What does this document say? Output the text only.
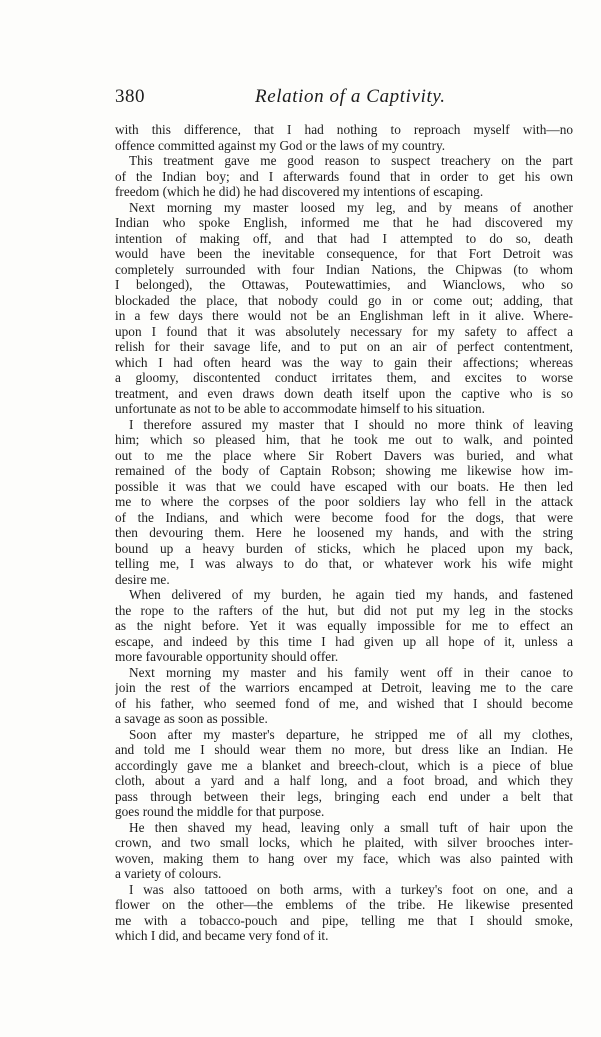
380	Relation of a Captivity.
with this difference, that I had nothing to reproach myself with—no
offence committed against my God or the laws of my country.
This treatment gave me good reason to suspect treachery on the part
of the Indian boy; and I afterwards found that in order to get his own
freedom (which he did) he had discovered my intentions of escaping.
Next morning my master loosed my leg, and by means of another
Indian who spoke English, informed me that he had discovered my
intention of making off, and that had I attempted to do so, death
would have been the inevitable consequence, for that Fort Detroit was
completely surrounded with four Indian Nations, the Chipwas (to whom
I belonged), the Ottawas, Poutewattimies, and Wianclows, who so
blockaded the place, that nobody could go in or come out; adding, that
in a few days there would not be an Englishman left in it alive. Where-
upon I found that it was absolutely necessary for my safety to affect a
relish for their savage life, and to put on an air of perfect contentment,
which I had often heard was the way to gain their affections; whereas
a gloomy, discontented conduct irritates them, and excites to worse
treatment, and even draws down death itself upon the captive who is so
unfortunate as not to be able to accommodate himself to his situation.
I therefore assured my master that I should no more think of leaving
him; which so pleased him, that he took me out to walk, and pointed
out to me the place where Sir Robert Davers was buried, and what
remained of the body of Captain Robson; showing me likewise how im-
possible it was that we could have escaped with our boats. He then led
me to where the corpses of the poor soldiers lay who fell in the attack
of the Indians, and which were become food for the dogs, that were
then devouring them. Here he loosened my hands, and with the string
bound up a heavy burden of sticks, which he placed upon my back,
telling me, I was always to do that, or whatever work his wife might
desire me.
When delivered of my burden, he again tied my hands, and fastened
the rope to the rafters of the hut, but did not put my leg in the stocks
as the night before. Yet it was equally impossible for me to effect an
escape, and indeed by this time I had given up all hope of it, unless a
more favourable opportunity should offer.
Next morning my master and his family went off in their canoe to
join the rest of the warriors encamped at Detroit, leaving me to the care
of his father, who seemed fond of me, and wished that I should become
a savage as soon as possible.
Soon after my master's departure, he stripped me of all my clothes,
and told me I should wear them no more, but dress like an Indian. He
accordingly gave me a blanket and breech-clout, which is a piece of blue
cloth, about a yard and a half long, and a foot broad, and which they
pass through between their legs, bringing each end under a belt that
goes round the middle for that purpose.
He then shaved my head, leaving only a small tuft of hair upon the
crown, and two small locks, which he plaited, with silver brooches inter-
woven, making them to hang over my face, which was also painted with
a variety of colours.
I was also tattooed on both arms, with a turkey's foot on one, and a
flower on the other—the emblems of the tribe. He likewise presented
me with a tobacco-pouch and pipe, telling me that I should smoke,
which I did, and became very fond of it.
